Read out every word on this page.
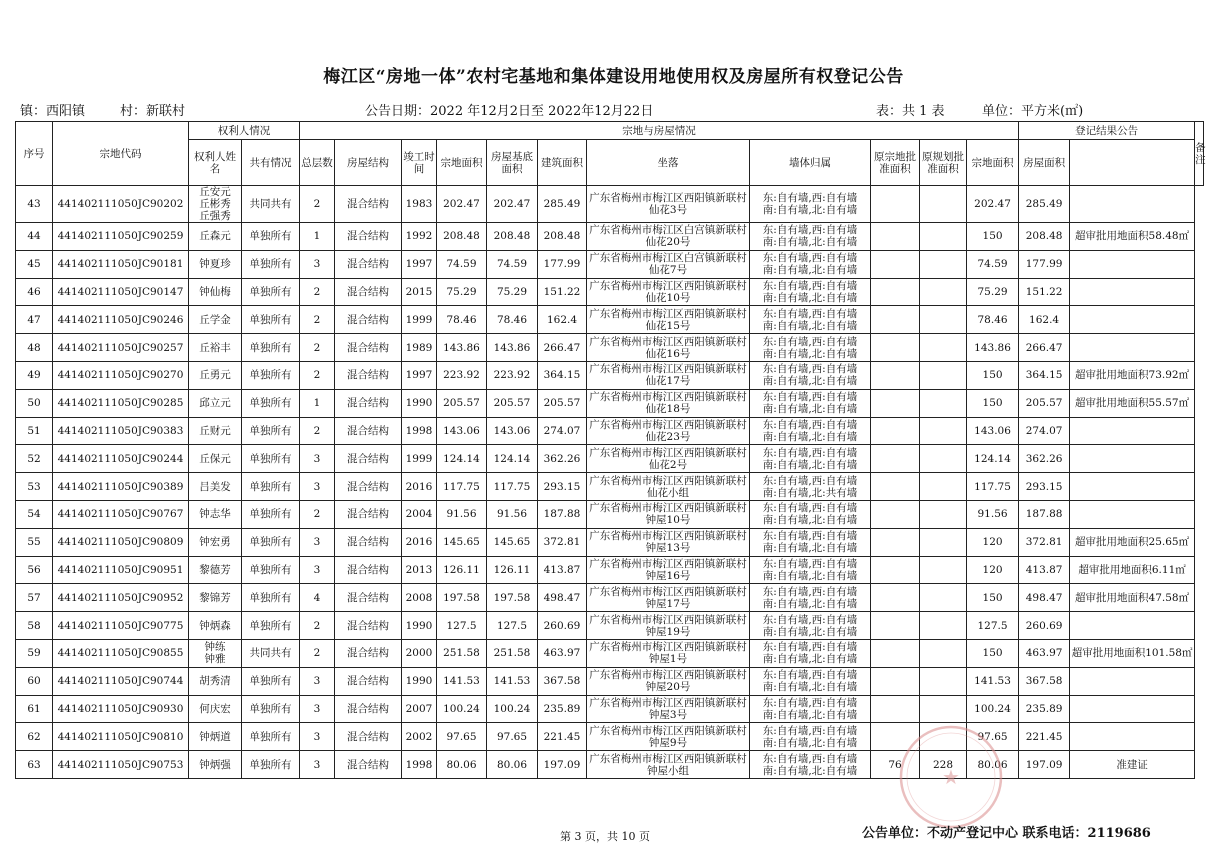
梅江区“房地一体”农村宅基地和集体建设用地使用权及房屋所有权登记公告
镇：西阳镇	村：新联村	公告日期：2022 年12月2日至 2022年12月22日	表：共 1 表	单位：平方米(㎡)
序号	宗地代码	权利人情况		宗地与房屋情况											登记结果公告		备注
		权利人姓名	共有情况	总层数	房屋结构	竣工时间	宗地面积	房屋基底面积	建筑面积	坐落	墙体归属	原宗地批准面积	原规划批准面积	宗地面积	房屋面积		
43	441402111050JC90202	丘安元
丘彬秀
丘强秀	共同共有	2	混合结构	1983	202.47	202.47	285.49	广东省梅州市梅江区西阳镇新联村仙花3号	东:自有墙,西:自有墙
南:自有墙,北:自有墙			202.47	285.49		
44	441402111050JC90259	丘森元	单独所有	1	混合结构	1992	208.48	208.48	208.48	广东省梅州市梅江区白宫镇新联村仙花20号	东:自有墙,西:自有墙
南:自有墙,北:自有墙			150	208.48	超审批用地面积58.48㎡	
45	441402111050JC90181	钟夏珍	单独所有	3	混合结构	1997	74.59	74.59	177.99	广东省梅州市梅江区白宫镇新联村仙花7号	东:自有墙,西:自有墙
南:自有墙,北:自有墙			74.59	177.99		
46	441402111050JC90147	钟仙梅	单独所有	2	混合结构	2015	75.29	75.29	151.22	广东省梅州市梅江区西阳镇新联村仙花10号	东:自有墙,西:自有墙
南:自有墙,北:自有墙			75.29	151.22		
47	441402111050JC90246	丘学金	单独所有	2	混合结构	1999	78.46	78.46	162.4	广东省梅州市梅江区西阳镇新联村仙花15号	东:自有墙,西:自有墙
南:自有墙,北:自有墙			78.46	162.4		
48	441402111050JC90257	丘裕丰	单独所有	2	混合结构	1989	143.86	143.86	266.47	广东省梅州市梅江区西阳镇新联村仙花16号	东:自有墙,西:自有墙
南:自有墙,北:自有墙			143.86	266.47		
49	441402111050JC90270	丘勇元	单独所有	2	混合结构	1997	223.92	223.92	364.15	广东省梅州市梅江区西阳镇新联村仙花17号	东:自有墙,西:自有墙
南:自有墙,北:自有墙			150	364.15	超审批用地面积73.92㎡	
50	441402111050JC90285	邱立元	单独所有	1	混合结构	1990	205.57	205.57	205.57	广东省梅州市梅江区西阳镇新联村仙花18号	东:自有墙,西:自有墙
南:自有墙,北:自有墙			150	205.57	超审批用地面积55.57㎡	
51	441402111050JC90383	丘财元	单独所有	2	混合结构	1998	143.06	143.06	274.07	广东省梅州市梅江区西阳镇新联村仙花23号	东:自有墙,西:自有墙
南:自有墙,北:自有墙			143.06	274.07		
52	441402111050JC90244	丘保元	单独所有	3	混合结构	1999	124.14	124.14	362.26	广东省梅州市梅江区西阳镇新联村仙花2号	东:自有墙,西:自有墙
南:自有墙,北:自有墙			124.14	362.26		
53	441402111050JC90389	吕美发	单独所有	3	混合结构	2016	117.75	117.75	293.15	广东省梅州市梅江区西阳镇新联村仙花小组	东:自有墙,西:自有墙
南:自有墙,北:共有墙			117.75	293.15		
54	441402111050JC90767	钟志华	单独所有	2	混合结构	2004	91.56	91.56	187.88	广东省梅州市梅江区西阳镇新联村钟屋10号	东:自有墙,西:自有墙
南:自有墙,北:自有墙			91.56	187.88		
55	441402111050JC90809	钟宏勇	单独所有	3	混合结构	2016	145.65	145.65	372.81	广东省梅州市梅江区西阳镇新联村钟屋13号	东:自有墙,西:自有墙
南:自有墙,北:自有墙			120	372.81	超审批用地面积25.65㎡	
56	441402111050JC90951	黎德芳	单独所有	3	混合结构	2013	126.11	126.11	413.87	广东省梅州市梅江区西阳镇新联村钟屋16号	东:自有墙,西:自有墙
南:自有墙,北:自有墙			120	413.87	超审批用地面积6.11㎡	
57	441402111050JC90952	黎锦芳	单独所有	4	混合结构	2008	197.58	197.58	498.47	广东省梅州市梅江区西阳镇新联村钟屋17号	东:自有墙,西:自有墙
南:自有墙,北:自有墙			150	498.47	超审批用地面积47.58㎡	
58	441402111050JC90775	钟炳森	单独所有	2	混合结构	1990	127.5	127.5	260.69	广东省梅州市梅江区西阳镇新联村钟屋19号	东:自有墙,西:自有墙
南:自有墙,北:自有墙			127.5	260.69		
59	441402111050JC90855	钟练
钟雅	共同共有	2	混合结构	2000	251.58	251.58	463.97	广东省梅州市梅江区西阳镇新联村钟屋1号	东:自有墙,西:自有墙
南:自有墙,北:自有墙			150	463.97	超审批用地面积101.58㎡	
60	441402111050JC90744	胡秀清	单独所有	3	混合结构	1990	141.53	141.53	367.58	广东省梅州市梅江区西阳镇新联村钟屋20号	东:自有墙,西:自有墙
南:自有墙,北:自有墙			141.53	367.58		
61	441402111050JC90930	何庆宏	单独所有	3	混合结构	2007	100.24	100.24	235.89	广东省梅州市梅江区西阳镇新联村钟屋3号	东:自有墙,西:自有墙
南:自有墙,北:自有墙			100.24	235.89		
62	441402111050JC90810	钟炳道	单独所有	3	混合结构	2002	97.65	97.65	221.45	广东省梅州市梅江区西阳镇新联村钟屋9号	东:自有墙,西:自有墙
南:自有墙,北:自有墙			97.65	221.45		
63	441402111050JC90753	钟炳强	单独所有	3	混合结构	1998	80.06	80.06	197.09	广东省梅州市梅江区西阳镇新联村钟屋小组	东:自有墙,西:自有墙
南:自有墙,北:自有墙	76	228	80.06	197.09	准建证	
★
第 3 页，共 10 页	公告单位：不动产登记中心 联系电话：2119686
